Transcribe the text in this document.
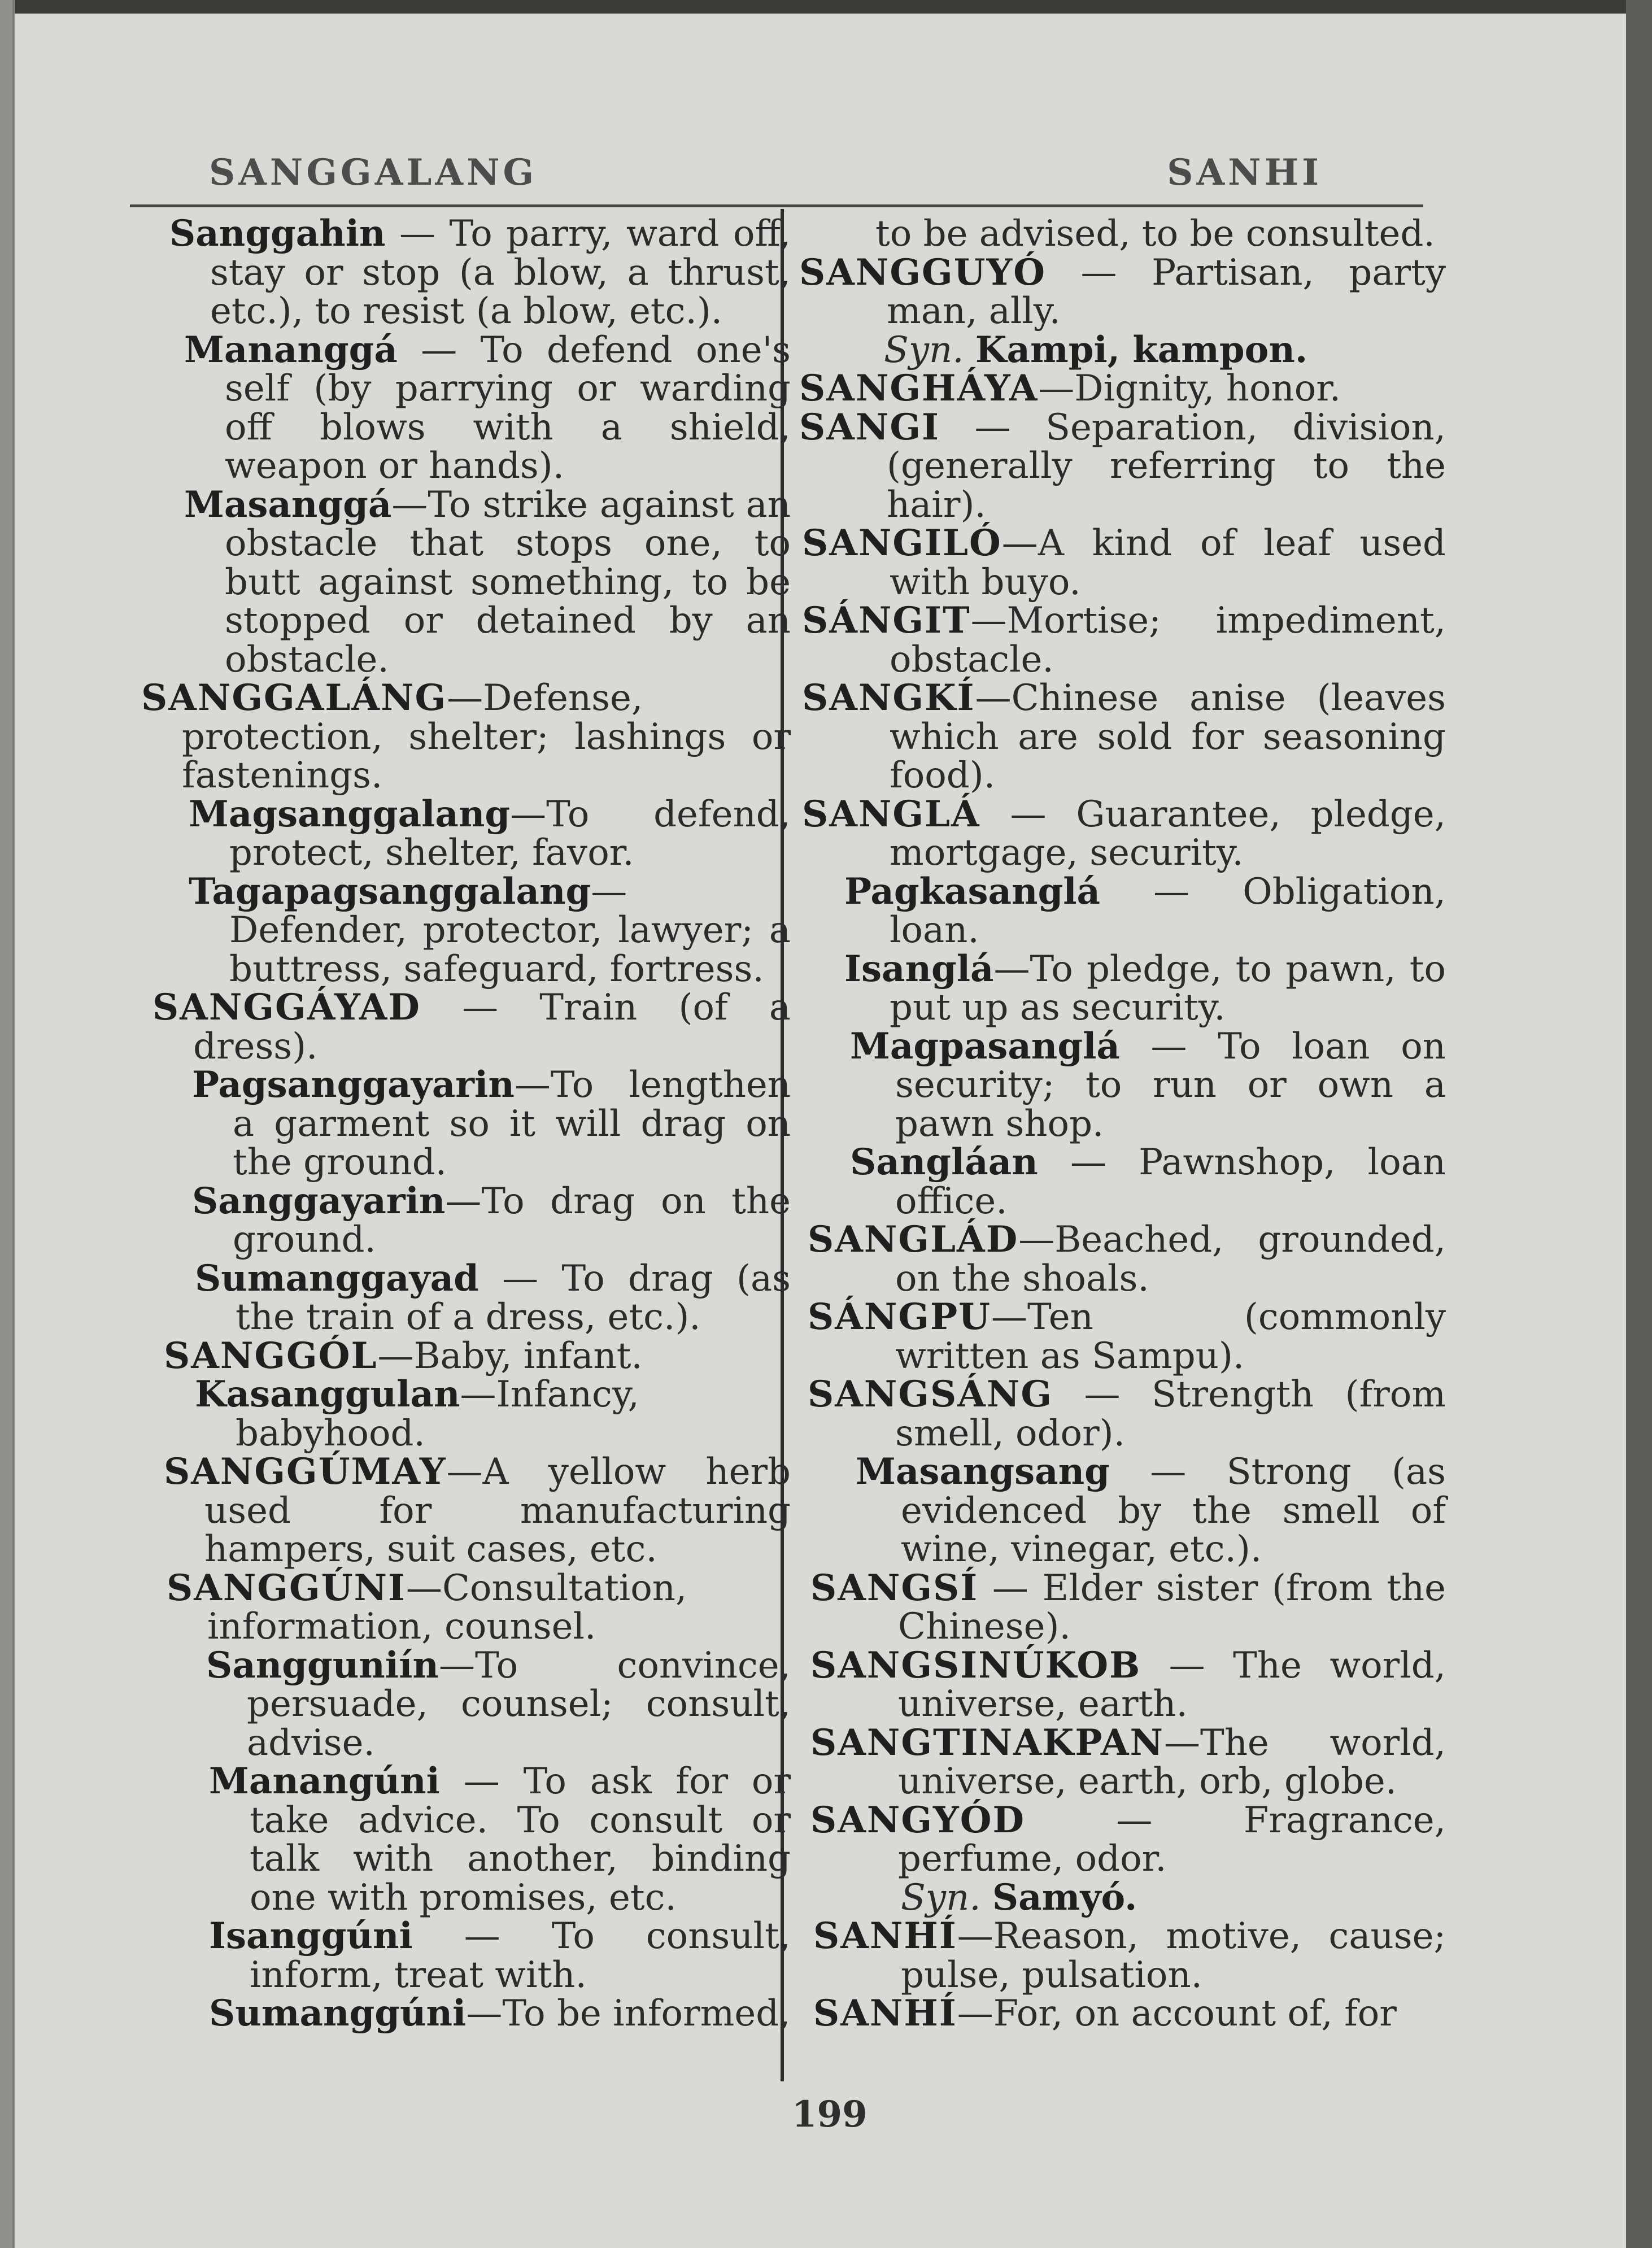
SANGGALANG	SANHI

Sanggahin — To parry, ward off, stay or stop (a blow, a thrust, etc.), to resist (a blow, etc.).

Mananggá — To defend one's self (by parrying or warding off blows with a shield, weapon or hands).

Masanggá—To strike against an obstacle that stops one, to butt against something, to be stopped or detained by an obstacle.

SANGGALÁNG—Defense, protection, shelter; lashings or fastenings.

Magsanggalang—To defend, protect, shelter, favor.

Tagapagsanggalang—Defender, protector, lawyer; a buttress, safeguard, fortress.

SANGGÁYAD — Train (of a dress).

Pagsanggayarin—To lengthen a garment so it will drag on the ground.

Sanggayarin—To drag on the ground.

Sumanggayad — To drag (as the train of a dress, etc.).

SANGGÓL—Baby, infant.

Kasanggulan—Infancy, babyhood.

SANGGÚMAY—A yellow herb used for manufacturing hampers, suit cases, etc.

SANGGÚNI—Consultation, information, counsel.

Sangguniín—To convince, persuade, counsel; consult, advise.

Manangúni — To ask for or take advice. To consult or talk with another, binding one with promises, etc.

Isanggúni — To consult, inform, treat with.

Sumanggúni—To be informed,

to be advised, to be consulted.

SANGGUYÓ — Partisan, party man, ally.

Syn. Kampi, kampon.

SANGHÁYA—Dignity, honor.

SANGI — Separation, division, (generally referring to the hair).

SANGILÓ—A kind of leaf used with buyo.

SÁNGIT—Mortise; impediment, obstacle.

SANGKÍ—Chinese anise (leaves which are sold for seasoning food).

SANGLÁ — Guarantee, pledge, mortgage, security.

Pagkasanglá — Obligation, loan.

Isanglá—To pledge, to pawn, to put up as security.

Magpasanglá — To loan on security; to run or own a pawn shop.

Sangláan — Pawnshop, loan office.

SANGLÁD—Beached, grounded, on the shoals.

SÁNGPU—Ten (commonly written as Sampu).

SANGSÁNG — Strength (from smell, odor).

Masangsang — Strong (as evidenced by the smell of wine, vinegar, etc.).

SANGSÍ — Elder sister (from the Chinese).

SANGSINÚKOB — The world, universe, earth.

SANGTINAKPAN—The world, universe, earth, orb, globe.

SANGYÓD — Fragrance, perfume, odor.

Syn. Samyó.

SANHÍ—Reason, motive, cause; pulse, pulsation.

SANHÍ—For, on account of, for

199
